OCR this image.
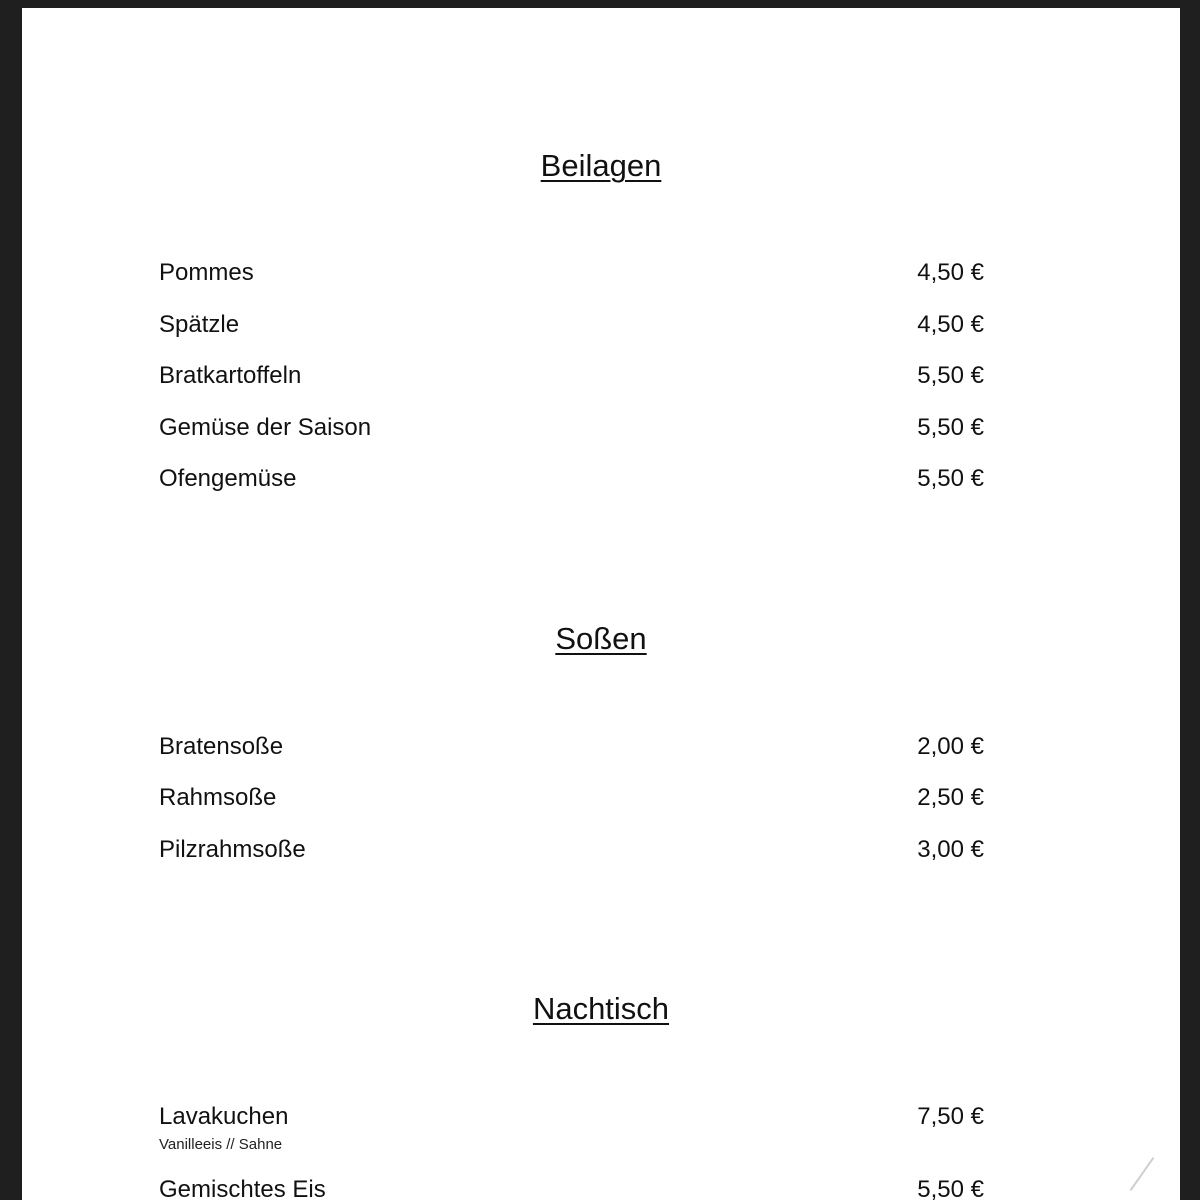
Beilagen
Pommes	4,50 €
Spätzle	4,50 €
Bratkartoffeln	5,50 €
Gemüse der Saison	5,50 €
Ofengemüse	5,50 €
Soßen
Bratensoße	2,00 €
Rahmsoße	2,50 €
Pilzrahmsoße	3,00 €
Nachtisch
Lavakuchen	7,50 €
Vanilleeis // Sahne
Gemischtes Eis	5,50 €
